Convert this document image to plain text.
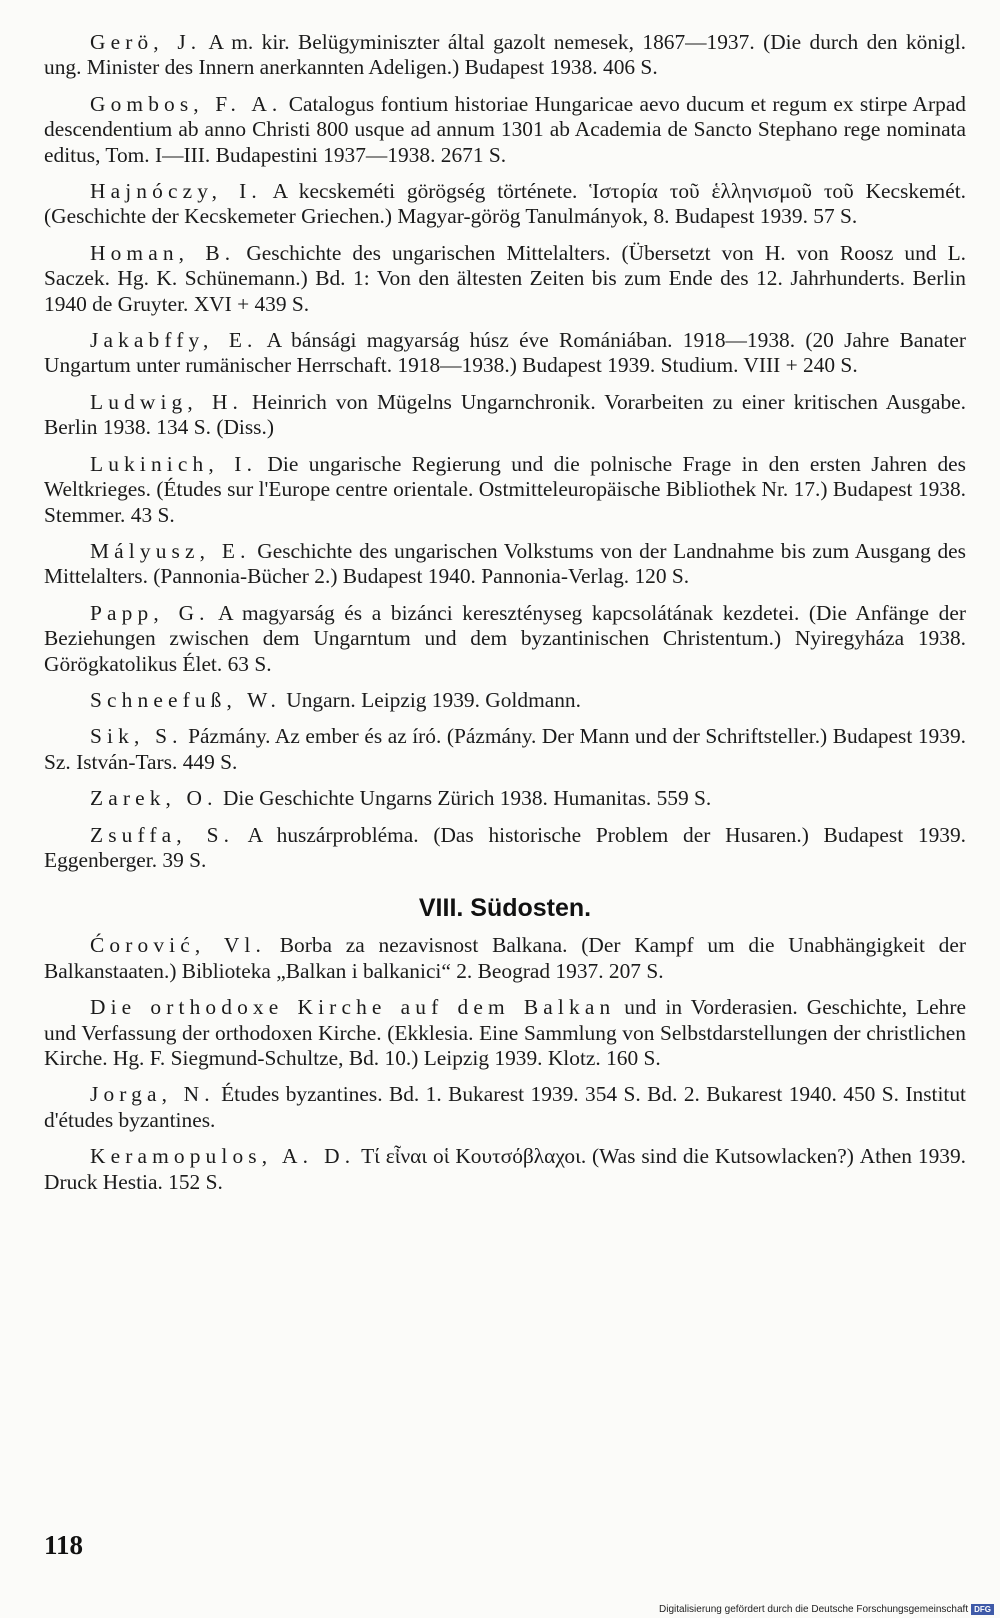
Gerö, J. A m. kir. Belügyminiszter által gazolt nemesek, 1867—1937. (Die durch den königl. ung. Minister des Innern anerkannten Adeligen.) Budapest 1938. 406 S.

Gombos, F. A. Catalogus fontium historiae Hungaricae aevo ducum et regum ex stirpe Arpad descendentium ab anno Christi 800 usque ad annum 1301 ab Academia de Sancto Stephano rege nominata editus, Tom. I—III. Budapestini 1937—1938. 2671 S.

Hajnóczy, I. A kecskeméti görögség története. Ἱστορία τοῦ ἑλληνισμοῦ τοῦ Kecskemét. (Geschichte der Kecskemeter Griechen.) Magyar-görög Tanulmányok, 8. Budapest 1939. 57 S.

Homan, B. Geschichte des ungarischen Mittelalters. (Übersetzt von H. von Roosz und L. Saczek. Hg. K. Schünemann.) Bd. 1: Von den ältesten Zeiten bis zum Ende des 12. Jahrhunderts. Berlin 1940 de Gruyter. XVI + 439 S.

Jakabffy, E. A bánsági magyarság húsz éve Romániában. 1918—1938. (20 Jahre Banater Ungartum unter rumänischer Herrschaft. 1918—1938.) Budapest 1939. Studium. VIII + 240 S.

Ludwig, H. Heinrich von Mügelns Ungarnchronik. Vorarbeiten zu einer kritischen Ausgabe. Berlin 1938. 134 S. (Diss.)

Lukinich, I. Die ungarische Regierung und die polnische Frage in den ersten Jahren des Weltkrieges. (Études sur l'Europe centre orientale. Ostmitteleuropäische Bibliothek Nr. 17.) Budapest 1938. Stemmer. 43 S.

Mályusz, E. Geschichte des ungarischen Volkstums von der Landnahme bis zum Ausgang des Mittelalters. (Pannonia-Bücher 2.) Budapest 1940. Pannonia-Verlag. 120 S.

Papp, G. A magyarság és a bizánci keresztényseg kapcsolátának kezdetei. (Die Anfänge der Beziehungen zwischen dem Ungarntum und dem byzantinischen Christentum.) Nyiregyháza 1938. Görögkatolikus Élet. 63 S.

Schneefuß, W. Ungarn. Leipzig 1939. Goldmann.

Sik, S. Pázmány. Az ember és az író. (Pázmány. Der Mann und der Schriftsteller.) Budapest 1939. Sz. István-Tars. 449 S.

Zarek, O. Die Geschichte Ungarns Zürich 1938. Humanitas. 559 S.

Zsuffa, S. A huszárprobléma. (Das historische Problem der Husaren.) Budapest 1939. Eggenberger. 39 S.

VIII. Südosten.

Ćorović, Vl. Borba za nezavisnost Balkana. (Der Kampf um die Unabhängigkeit der Balkanstaaten.) Biblioteka „Balkan i balkanici“ 2. Beograd 1937. 207 S.

Die orthodoxe Kirche auf dem Balkan und in Vorderasien. Geschichte, Lehre und Verfassung der orthodoxen Kirche. (Ekklesia. Eine Sammlung von Selbstdarstellungen der christlichen Kirche. Hg. F. Siegmund-Schultze, Bd. 10.) Leipzig 1939. Klotz. 160 S.

Jorga, N. Études byzantines. Bd. 1. Bukarest 1939. 354 S. Bd. 2. Bukarest 1940. 450 S. Institut d'études byzantines.

Keramopulos, A. D. Τί εἶναι οἱ Κουτσόβλαχοι. (Was sind die Kutsowlacken?) Athen 1939. Druck Hestia. 152 S.

118
Digitalisierung gefördert durch die Deutsche Forschungsgemeinschaft DFG
